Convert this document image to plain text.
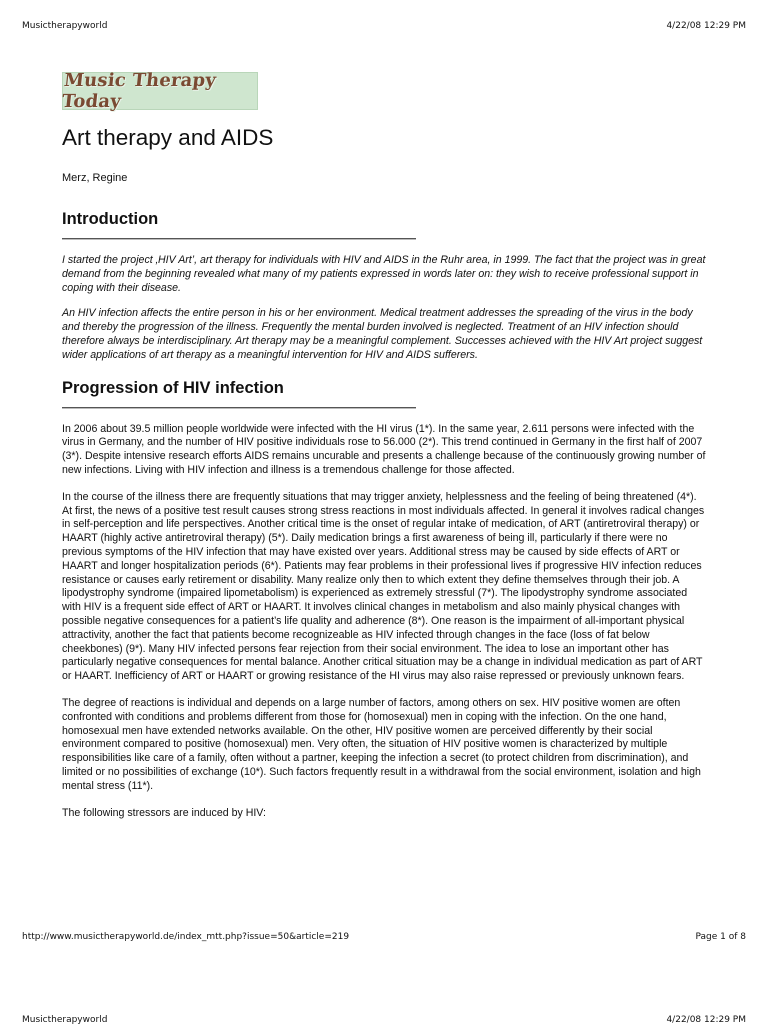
Musictherapyworld	4/22/08 12:29 PM
Music Therapy Today
Art therapy and AIDS
Merz, Regine
Introduction

I started the project ‚HIV Art’, art therapy for individuals with HIV and AIDS in the Ruhr area, in 1999. The fact that the project was in great demand from the beginning revealed what many of my patients expressed in words later on: they wish to receive professional support in coping with their disease.

An HIV infection affects the entire person in his or her environment. Medical treatment addresses the spreading of the virus in the body and thereby the progression of the illness. Frequently the mental burden involved is neglected. Treatment of an HIV infection should therefore always be interdisciplinary. Art therapy may be a meaningful complement. Successes achieved with the HIV Art project suggest wider applications of art therapy as a meaningful intervention for HIV and AIDS sufferers.

Progression of HIV infection

In 2006 about 39.5 million people worldwide were infected with the HI virus (1*). In the same year, 2.611 persons were infected with the virus in Germany, and the number of HIV positive individuals rose to 56.000 (2*). This trend continued in Germany in the first half of 2007 (3*). Despite intensive research efforts AIDS remains uncurable and presents a challenge because of the continuously growing number of new infections. Living with HIV infection and illness is a tremendous challenge for those affected.

In the course of the illness there are frequently situations that may trigger anxiety, helplessness and the feeling of being threatened (4*). At first, the news of a positive test result causes strong stress reactions in most individuals affected. In general it involves radical changes in self-perception and life perspectives. Another critical time is the onset of regular intake of medication, of ART (antiretroviral therapy) or HAART (highly active antiretroviral therapy) (5*). Daily medication brings a first awareness of being ill, particularly if there were no previous symptoms of the HIV infection that may have existed over years. Additional stress may be caused by side effects of ART or HAART and longer hospitalization periods (6*). Patients may fear problems in their professional lives if progressive HIV infection reduces resistance or causes early retirement or disability. Many realize only then to which extent they define themselves through their job. A lipodystrophy syndrome (impaired lipometabolism) is experienced as extremely stressful (7*). The lipodystrophy syndrome associated with HIV is a frequent side effect of ART or HAART. It involves clinical changes in metabolism and also mainly physical changes with possible negative consequences for a patient’s life quality and adherence (8*). One reason is the impairment of all-important physical attractivity, another the fact that patients become recognizeable as HIV infected through changes in the face (loss of fat below cheekbones) (9*). Many HIV infected persons fear rejection from their social environment. The idea to lose an important other has particularly negative consequences for mental balance. Another critical situation may be a change in individual medication as part of ART or HAART. Inefficiency of ART or HAART or growing resistance of the HI virus may also raise repressed or previously unknown fears.

The degree of reactions is individual and depends on a large number of factors, among others on sex. HIV positive women are often confronted with conditions and problems different from those for (homosexual) men in coping with the infection. On the one hand, homosexual men have extended networks available. On the other, HIV positive women are perceived differently by their social environment compared to positive (homosexual) men. Very often, the situation of HIV positive women is characterized by multiple responsibilities like care of a family, often without a partner, keeping the infection a secret (to protect children from discrimination), and limited or no possibilities of exchange (10*). Such factors frequently result in a withdrawal from the social environment, isolation and high mental stress (11*).

The following stressors are induced by HIV:

http://www.musictherapyworld.de/index_mtt.php?issue=50&article=219	Page 1 of 8
Musictherapyworld	4/22/08 12:29 PM
